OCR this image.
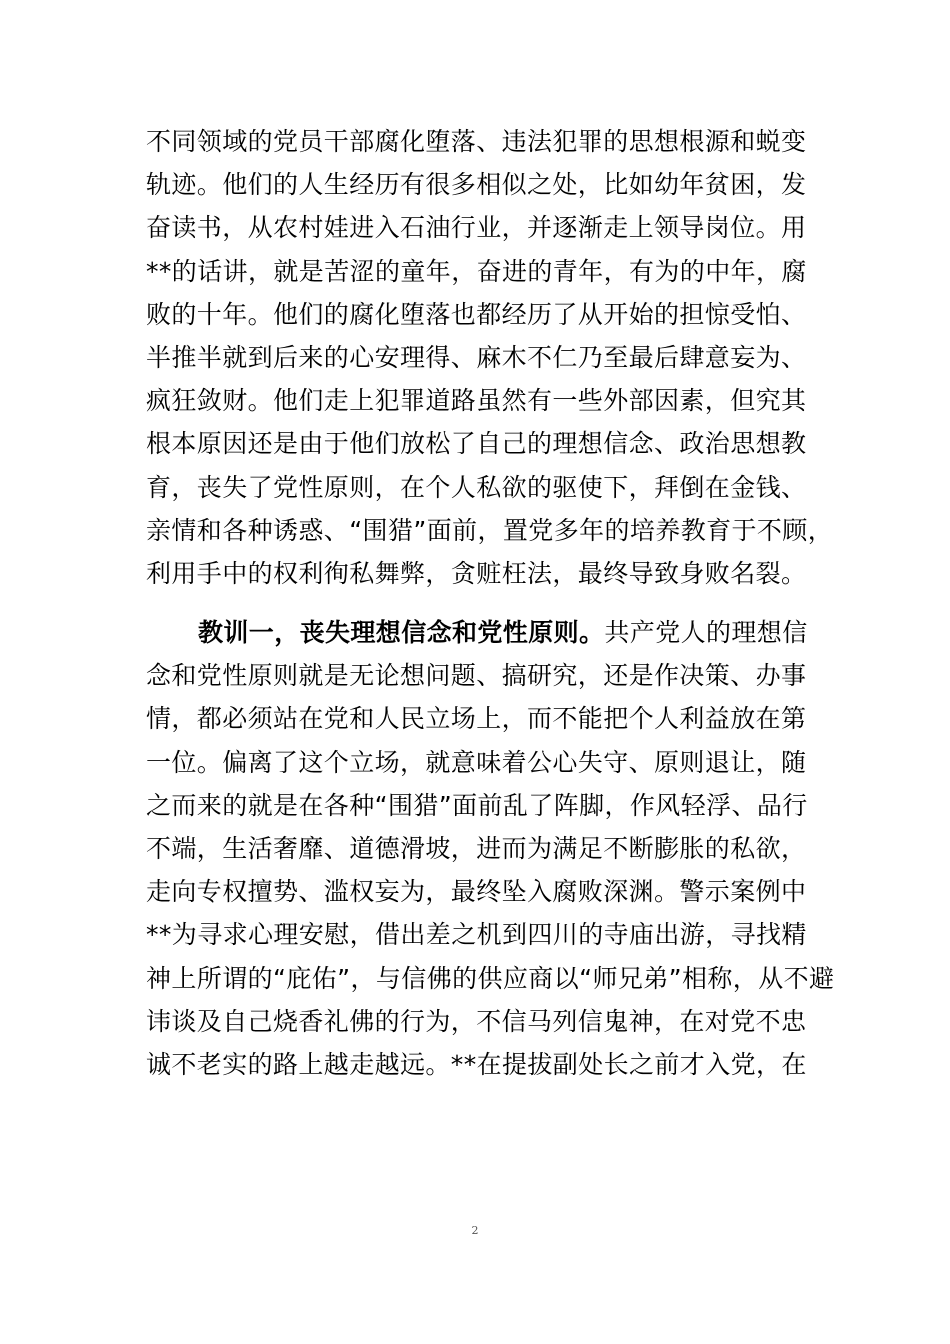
不同领域的党员干部腐化堕落、违法犯罪的思想根源和蜕变
轨迹。他们的人生经历有很多相似之处，比如幼年贫困，发
奋读书，从农村娃进入石油行业，并逐渐走上领导岗位。用
**的话讲，就是苦涩的童年，奋进的青年，有为的中年，腐
败的十年。他们的腐化堕落也都经历了从开始的担惊受怕、
半推半就到后来的心安理得、麻木不仁乃至最后肆意妄为、
疯狂敛财。他们走上犯罪道路虽然有一些外部因素，但究其
根本原因还是由于他们放松了自己的理想信念、政治思想教
育，丧失了党性原则，在个人私欲的驱使下，拜倒在金钱、
亲情和各种诱惑、“围猎”面前，置党多年的培养教育于不顾，
利用手中的权利徇私舞弊，贪赃枉法，最终导致身败名裂。
教训一，丧失理想信念和党性原则。共产党人的理想信
念和党性原则就是无论想问题、搞研究，还是作决策、办事
情，都必须站在党和人民立场上，而不能把个人利益放在第
一位。偏离了这个立场，就意味着公心失守、原则退让，随
之而来的就是在各种“围猎”面前乱了阵脚，作风轻浮、品行
不端，生活奢靡、道德滑坡，进而为满足不断膨胀的私欲，
走向专权擅势、滥权妄为，最终坠入腐败深渊。警示案例中
**为寻求心理安慰，借出差之机到四川的寺庙出游，寻找精
神上所谓的“庇佑”，与信佛的供应商以“师兄弟”相称，从不避
讳谈及自己烧香礼佛的行为，不信马列信鬼神，在对党不忠
诚不老实的路上越走越远。**在提拔副处长之前才入党，在
2
